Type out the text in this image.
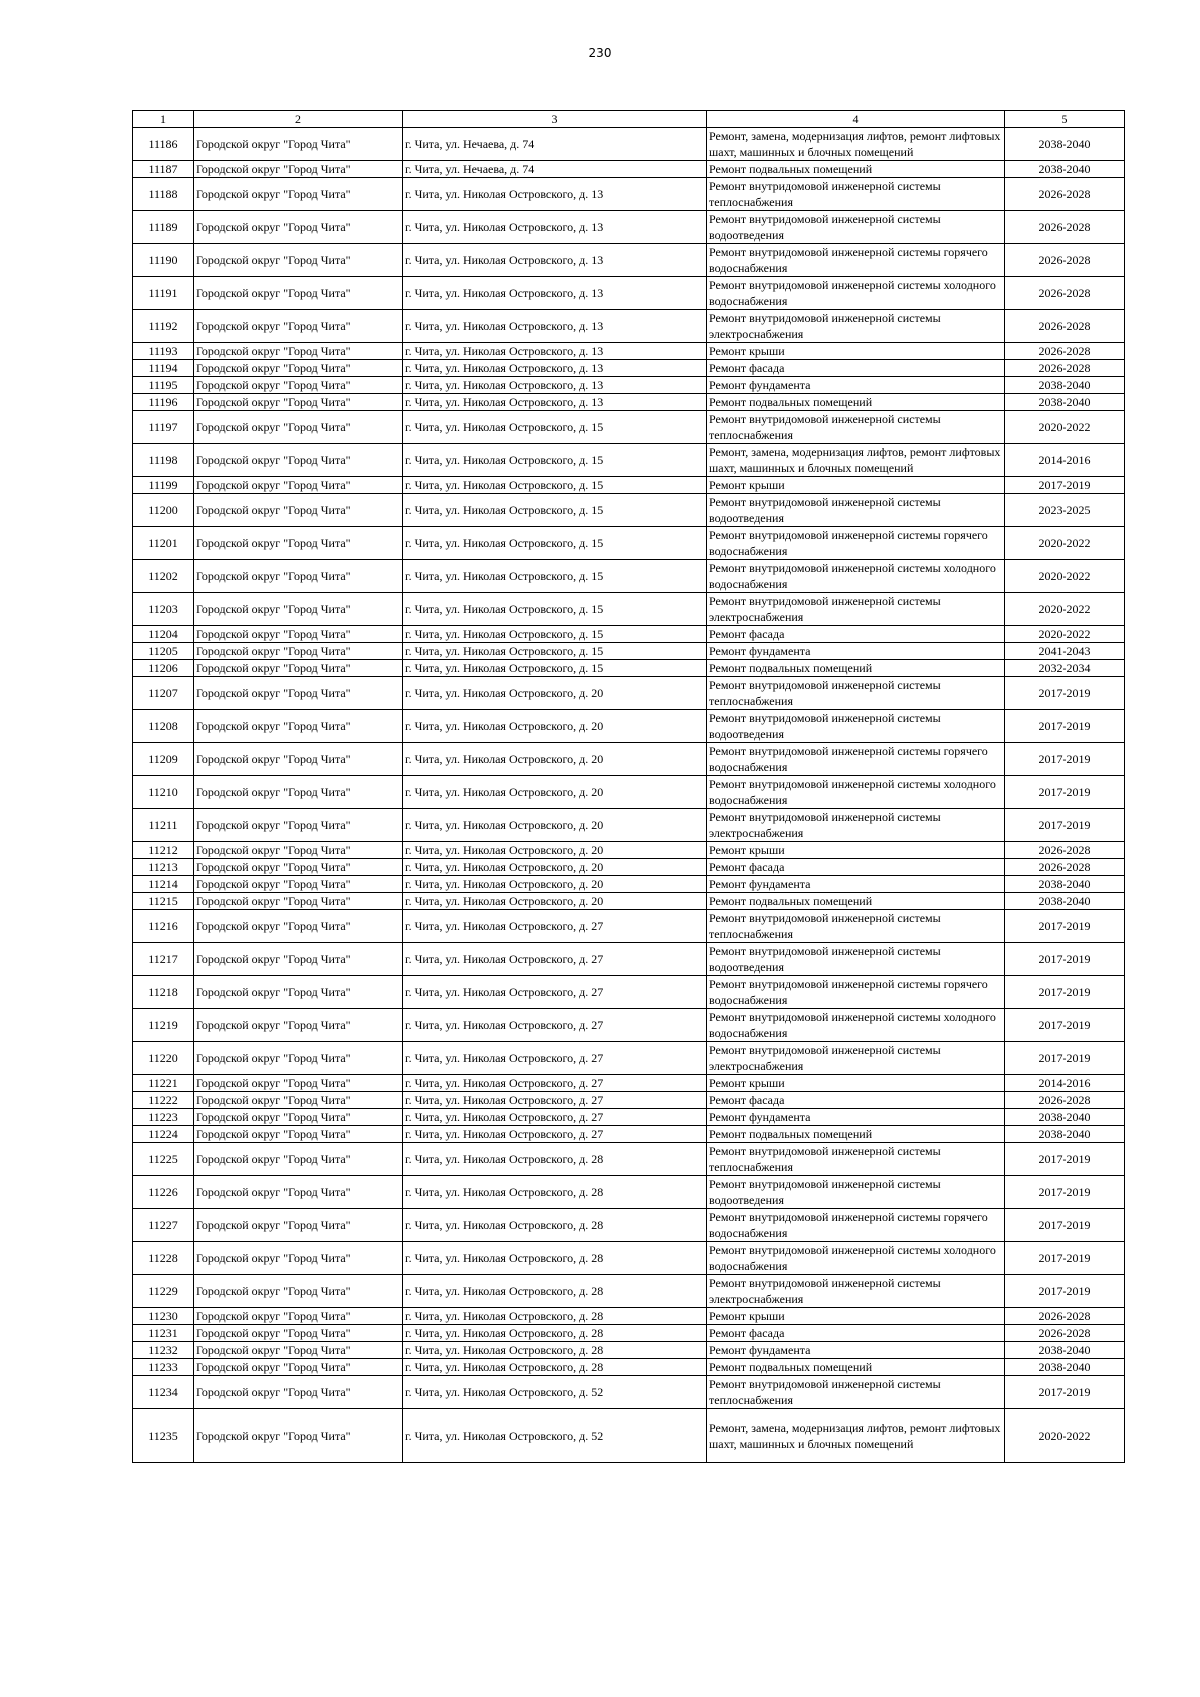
230
1	2	3	4	5
11186	Городской округ "Город Чита"	г. Чита, ул. Нечаева, д. 74	Ремонт, замена, модернизация лифтов, ремонт лифтовых шахт, машинных и блочных помещений	2038-2040
11187	Городской округ "Город Чита"	г. Чита, ул. Нечаева, д. 74	Ремонт подвальных помещений	2038-2040
11188	Городской округ "Город Чита"	г. Чита, ул. Николая Островского, д. 13	Ремонт внутридомовой инженерной системы теплоснабжения	2026-2028
11189	Городской округ "Город Чита"	г. Чита, ул. Николая Островского, д. 13	Ремонт внутридомовой инженерной системы водоотведения	2026-2028
11190	Городской округ "Город Чита"	г. Чита, ул. Николая Островского, д. 13	Ремонт внутридомовой инженерной системы горячего водоснабжения	2026-2028
11191	Городской округ "Город Чита"	г. Чита, ул. Николая Островского, д. 13	Ремонт внутридомовой инженерной системы холодного водоснабжения	2026-2028
11192	Городской округ "Город Чита"	г. Чита, ул. Николая Островского, д. 13	Ремонт внутридомовой инженерной системы электроснабжения	2026-2028
11193	Городской округ "Город Чита"	г. Чита, ул. Николая Островского, д. 13	Ремонт крыши	2026-2028
11194	Городской округ "Город Чита"	г. Чита, ул. Николая Островского, д. 13	Ремонт фасада	2026-2028
11195	Городской округ "Город Чита"	г. Чита, ул. Николая Островского, д. 13	Ремонт фундамента	2038-2040
11196	Городской округ "Город Чита"	г. Чита, ул. Николая Островского, д. 13	Ремонт подвальных помещений	2038-2040
11197	Городской округ "Город Чита"	г. Чита, ул. Николая Островского, д. 15	Ремонт внутридомовой инженерной системы теплоснабжения	2020-2022
11198	Городской округ "Город Чита"	г. Чита, ул. Николая Островского, д. 15	Ремонт, замена, модернизация лифтов, ремонт лифтовых шахт, машинных и блочных помещений	2014-2016
11199	Городской округ "Город Чита"	г. Чита, ул. Николая Островского, д. 15	Ремонт крыши	2017-2019
11200	Городской округ "Город Чита"	г. Чита, ул. Николая Островского, д. 15	Ремонт внутридомовой инженерной системы водоотведения	2023-2025
11201	Городской округ "Город Чита"	г. Чита, ул. Николая Островского, д. 15	Ремонт внутридомовой инженерной системы горячего водоснабжения	2020-2022
11202	Городской округ "Город Чита"	г. Чита, ул. Николая Островского, д. 15	Ремонт внутридомовой инженерной системы холодного водоснабжения	2020-2022
11203	Городской округ "Город Чита"	г. Чита, ул. Николая Островского, д. 15	Ремонт внутридомовой инженерной системы электроснабжения	2020-2022
11204	Городской округ "Город Чита"	г. Чита, ул. Николая Островского, д. 15	Ремонт фасада	2020-2022
11205	Городской округ "Город Чита"	г. Чита, ул. Николая Островского, д. 15	Ремонт фундамента	2041-2043
11206	Городской округ "Город Чита"	г. Чита, ул. Николая Островского, д. 15	Ремонт подвальных помещений	2032-2034
11207	Городской округ "Город Чита"	г. Чита, ул. Николая Островского, д. 20	Ремонт внутридомовой инженерной системы теплоснабжения	2017-2019
11208	Городской округ "Город Чита"	г. Чита, ул. Николая Островского, д. 20	Ремонт внутридомовой инженерной системы водоотведения	2017-2019
11209	Городской округ "Город Чита"	г. Чита, ул. Николая Островского, д. 20	Ремонт внутридомовой инженерной системы горячего водоснабжения	2017-2019
11210	Городской округ "Город Чита"	г. Чита, ул. Николая Островского, д. 20	Ремонт внутридомовой инженерной системы холодного водоснабжения	2017-2019
11211	Городской округ "Город Чита"	г. Чита, ул. Николая Островского, д. 20	Ремонт внутридомовой инженерной системы электроснабжения	2017-2019
11212	Городской округ "Город Чита"	г. Чита, ул. Николая Островского, д. 20	Ремонт крыши	2026-2028
11213	Городской округ "Город Чита"	г. Чита, ул. Николая Островского, д. 20	Ремонт фасада	2026-2028
11214	Городской округ "Город Чита"	г. Чита, ул. Николая Островского, д. 20	Ремонт фундамента	2038-2040
11215	Городской округ "Город Чита"	г. Чита, ул. Николая Островского, д. 20	Ремонт подвальных помещений	2038-2040
11216	Городской округ "Город Чита"	г. Чита, ул. Николая Островского, д. 27	Ремонт внутридомовой инженерной системы теплоснабжения	2017-2019
11217	Городской округ "Город Чита"	г. Чита, ул. Николая Островского, д. 27	Ремонт внутридомовой инженерной системы водоотведения	2017-2019
11218	Городской округ "Город Чита"	г. Чита, ул. Николая Островского, д. 27	Ремонт внутридомовой инженерной системы горячего водоснабжения	2017-2019
11219	Городской округ "Город Чита"	г. Чита, ул. Николая Островского, д. 27	Ремонт внутридомовой инженерной системы холодного водоснабжения	2017-2019
11220	Городской округ "Город Чита"	г. Чита, ул. Николая Островского, д. 27	Ремонт внутридомовой инженерной системы электроснабжения	2017-2019
11221	Городской округ "Город Чита"	г. Чита, ул. Николая Островского, д. 27	Ремонт крыши	2014-2016
11222	Городской округ "Город Чита"	г. Чита, ул. Николая Островского, д. 27	Ремонт фасада	2026-2028
11223	Городской округ "Город Чита"	г. Чита, ул. Николая Островского, д. 27	Ремонт фундамента	2038-2040
11224	Городской округ "Город Чита"	г. Чита, ул. Николая Островского, д. 27	Ремонт подвальных помещений	2038-2040
11225	Городской округ "Город Чита"	г. Чита, ул. Николая Островского, д. 28	Ремонт внутридомовой инженерной системы теплоснабжения	2017-2019
11226	Городской округ "Город Чита"	г. Чита, ул. Николая Островского, д. 28	Ремонт внутридомовой инженерной системы водоотведения	2017-2019
11227	Городской округ "Город Чита"	г. Чита, ул. Николая Островского, д. 28	Ремонт внутридомовой инженерной системы горячего водоснабжения	2017-2019
11228	Городской округ "Город Чита"	г. Чита, ул. Николая Островского, д. 28	Ремонт внутридомовой инженерной системы холодного водоснабжения	2017-2019
11229	Городской округ "Город Чита"	г. Чита, ул. Николая Островского, д. 28	Ремонт внутридомовой инженерной системы электроснабжения	2017-2019
11230	Городской округ "Город Чита"	г. Чита, ул. Николая Островского, д. 28	Ремонт крыши	2026-2028
11231	Городской округ "Город Чита"	г. Чита, ул. Николая Островского, д. 28	Ремонт фасада	2026-2028
11232	Городской округ "Город Чита"	г. Чита, ул. Николая Островского, д. 28	Ремонт фундамента	2038-2040
11233	Городской округ "Город Чита"	г. Чита, ул. Николая Островского, д. 28	Ремонт подвальных помещений	2038-2040
11234	Городской округ "Город Чита"	г. Чита, ул. Николая Островского, д. 52	Ремонт внутридомовой инженерной системы теплоснабжения	2017-2019
11235	Городской округ "Город Чита"	г. Чита, ул. Николая Островского, д. 52	Ремонт, замена, модернизация лифтов, ремонт лифтовых шахт, машинных и блочных помещений	2020-2022
